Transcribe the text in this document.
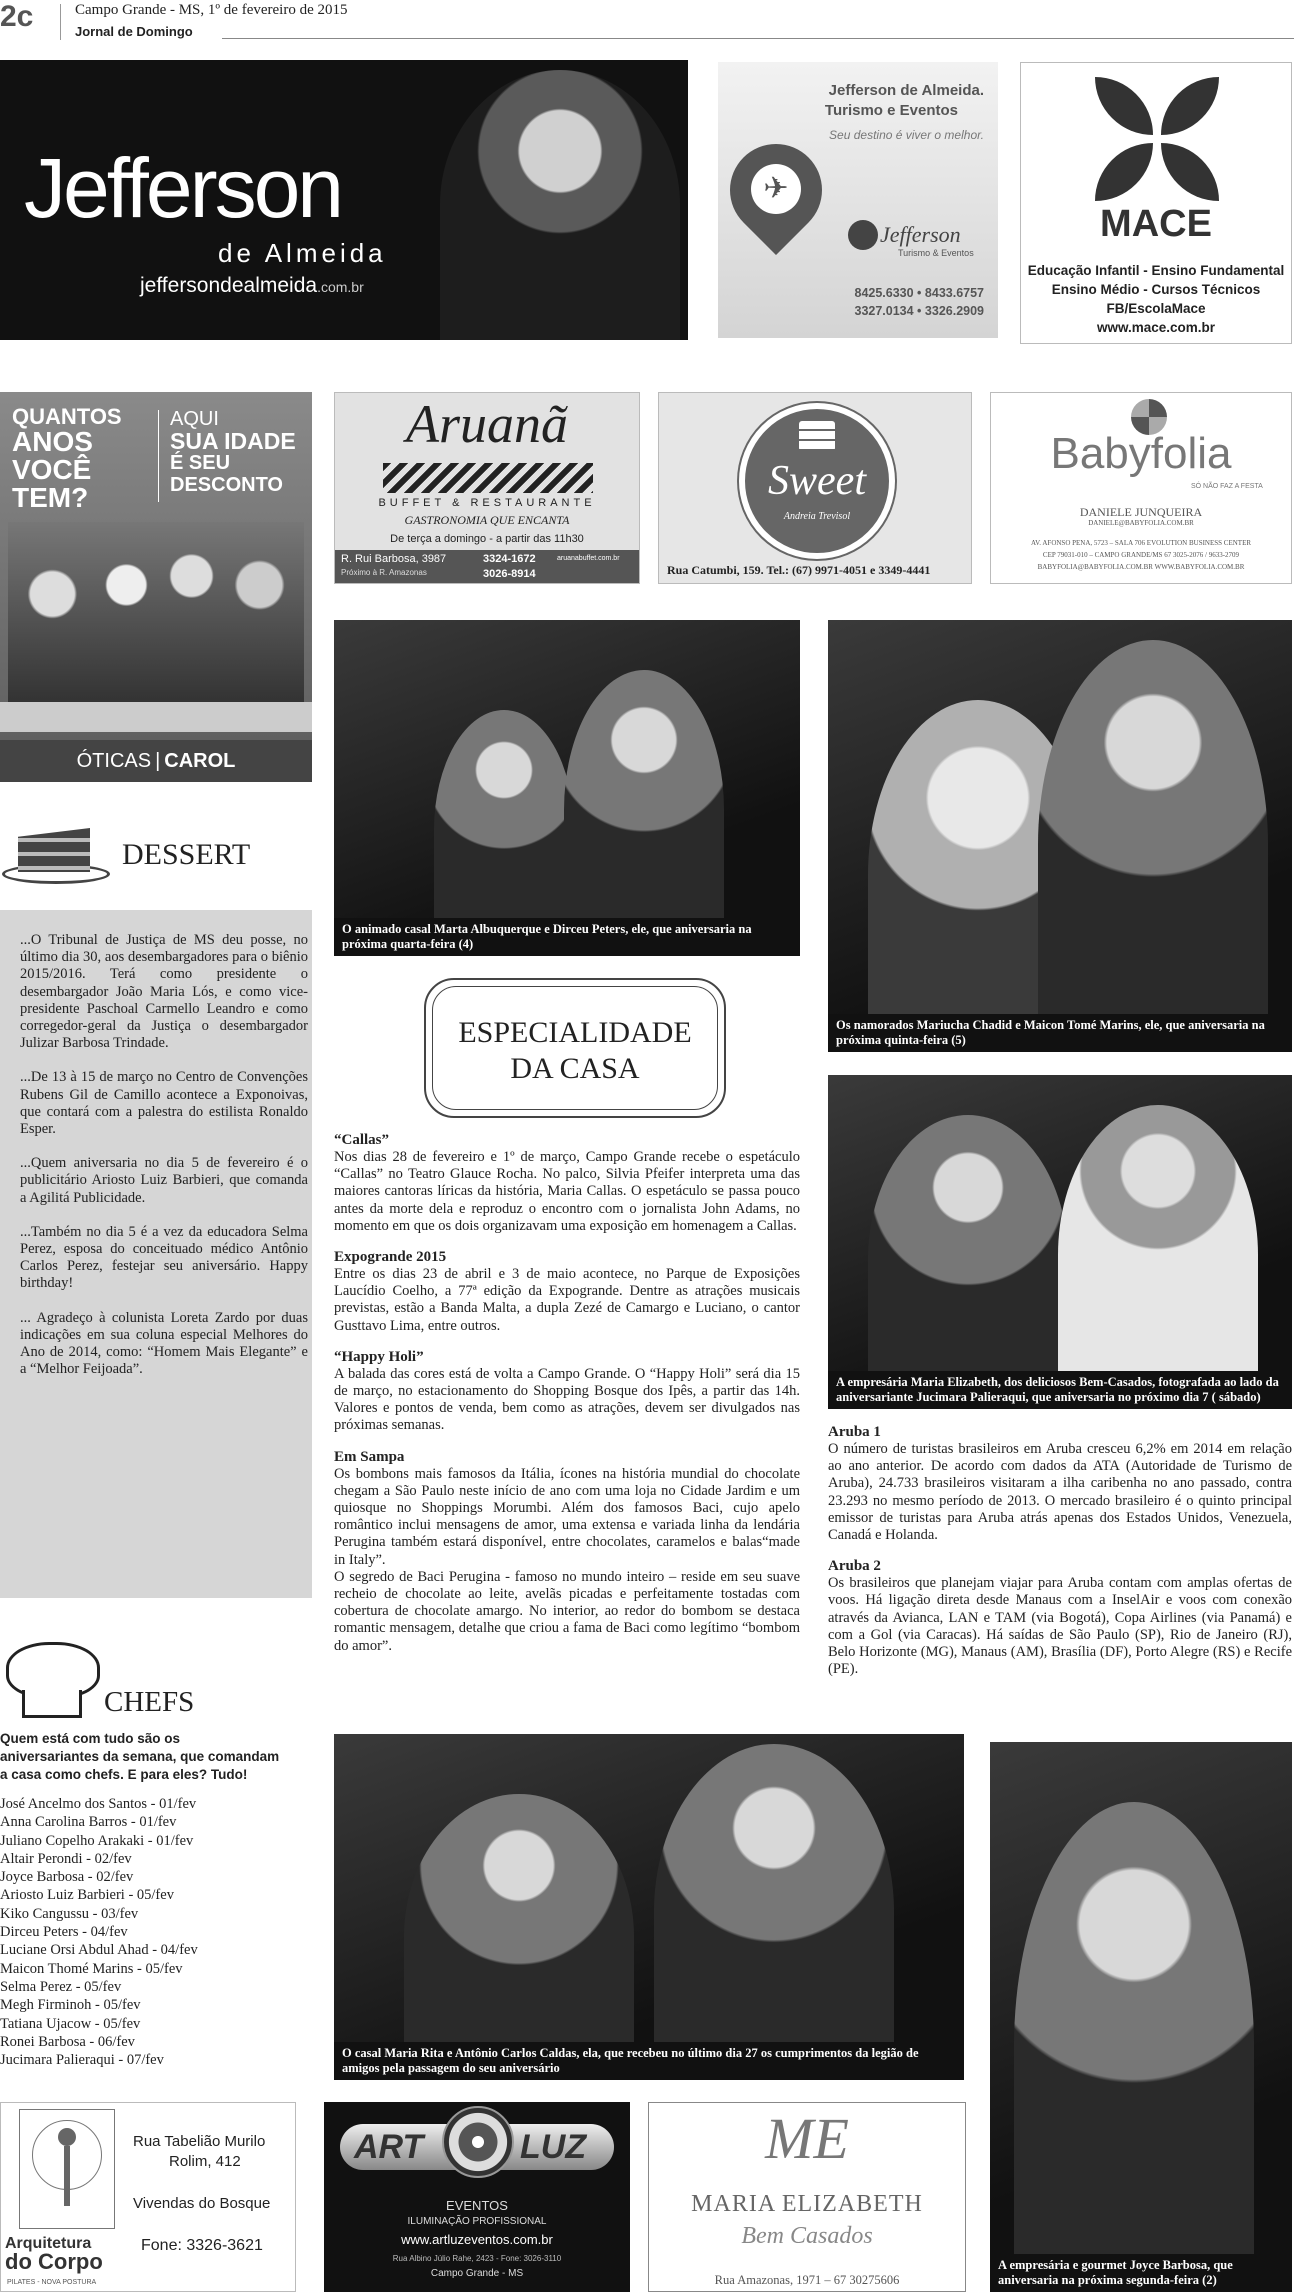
2c	Campo Grande - MS, 1º de fevereiro de 2015
Jornal de Domingo
Jefferson
de Almeida
jeffersondealmeida.com.br
Jefferson de Almeida.
Turismo e Eventos
Seu destino é viver o melhor.
✈
Jefferson
Turismo & Eventos
8425.6330 • 8433.6757
3327.0134 • 3326.2909
MACE
Educação Infantil - Ensino Fundamental
Ensino Médio - Cursos Técnicos
FB/EscolaMace
www.mace.com.br
QUANTOS
ANOS
VOCÊ
TEM?
AQUI
SUA IDADE
É SEU
DESCONTO
ÓTICAS | CAROL
Aruanã
BUFFET & RESTAURANTE
GASTRONOMIA QUE ENCANTA
De terça a domingo - a partir das 11h30
R. Rui Barbosa, 3987
Próximo à R. Amazonas
3324-1672
3026-8914
aruanabuffet.com.br
Sweet
Andreia Trevisol
Rua Catumbi, 159. Tel.: (67) 9971-4051 e 3349-4441
Babyfolia
SÓ NÃO FAZ A FESTA
DANIELE JUNQUEIRA
DANIELE@BABYFOLIA.COM.BR
AV. AFONSO PENA, 5723 – SALA 706 EVOLUTION BUSINESS CENTER
CEP 79031-010 – CAMPO GRANDE/MS 67 3025-2076 / 9633-2709
BABYFOLIA@BABYFOLIA.COM.BR WWW.BABYFOLIA.COM.BR
DESSERT

...O Tribunal de Justiça de MS deu posse, no último dia 30, aos desembargadores para o biênio 2015/2016. Terá como presidente o desembargador João Maria Lós, e como vice-presidente Paschoal Carmello Leandro e como corregedor-geral da Justiça o desembargador Julizar Barbosa Trindade.

...De 13 à 15 de março no Centro de Convenções Rubens Gil de Camillo acontece a Exponoivas, que contará com a palestra do estilista Ronaldo Esper.

...Quem aniversaria no dia 5 de fevereiro é o publicitário Ariosto Luiz Barbieri, que comanda a Agilitá Publicidade.

...Também no dia 5 é a vez da educadora Selma Perez, esposa do conceituado médico Antônio Carlos Perez, festejar seu aniversário. Happy birthday!

... Agradeço à colunista Loreta Zardo por duas indicações em sua coluna especial Melhores do Ano de 2014, como: “Homem Mais Elegante” e a “Melhor Feijoada”.

CHEFS
Quem está com tudo são os aniversariantes da semana, que comandam a casa como chefs. E para eles? Tudo!
José Ancelmo dos Santos - 01/fev
Anna Carolina Barros - 01/fev
Juliano Copelho Arakaki - 01/fev
Altair Perondi - 02/fev
Joyce Barbosa - 02/fev
Ariosto Luiz Barbieri - 05/fev
Kiko Cangussu - 03/fev
Dirceu Peters - 04/fev
Luciane Orsi Abdul Ahad - 04/fev
Maicon Thomé Marins - 05/fev
Selma Perez - 05/fev
Megh Firminoh - 05/fev
Tatiana Ujacow - 05/fev
Ronei Barbosa - 06/fev
Jucimara Palieraqui - 07/fev
O animado casal Marta Albuquerque e Dirceu Peters, ele, que aniversaria na próxima quarta-feira (4)
Os namorados Mariucha Chadid e Maicon Tomé Marins, ele, que aniversaria na próxima quinta-feira (5)
A empresária Maria Elizabeth, dos deliciosos Bem-Casados, fotografada ao lado da aniversariante Jucimara Palieraqui, que aniversaria no próximo dia 7 ( sábado)
O casal Maria Rita e Antônio Carlos Caldas, ela, que recebeu no último dia 27 os cumprimentos da legião de amigos pela passagem do seu aniversário
A empresária e gourmet Joyce Barbosa, que aniversaria na próxima segunda-feira (2)
ESPECIALIDADE
DA CASA
“Callas”

Nos dias 28 de fevereiro e 1º de março, Campo Grande recebe o espetáculo “Callas” no Teatro Glauce Rocha. No palco, Silvia Pfeifer interpreta uma das maiores cantoras líricas da história, Maria Callas. O espetáculo se passa pouco antes da morte dela e reproduz o encontro com o jornalista John Adams, no momento em que os dois organizavam uma exposição em homenagem a Callas.

Expogrande 2015

Entre os dias 23 de abril e 3 de maio acontece, no Parque de Exposições Laucídio Coelho, a 77ª edição da Expogrande. Dentre as atrações musicais previstas, estão a Banda Malta, a dupla Zezé de Camargo e Luciano, o cantor Gusttavo Lima, entre outros.

“Happy Holi”

A balada das cores está de volta a Campo Grande. O “Happy Holi” será dia 15 de março, no estacionamento do Shopping Bosque dos Ipês, a partir das 14h. Valores e pontos de venda, bem como as atrações, devem ser divulgados nas próximas semanas.

Em Sampa

Os bombons mais famosos da Itália, ícones na história mundial do chocolate chegam a São Paulo neste início de ano com uma loja no Cidade Jardim e um quiosque no Shoppings Morumbi. Além dos famosos Baci, cujo apelo romântico inclui mensagens de amor, uma extensa e variada linha da lendária Perugina também estará disponível, entre chocolates, caramelos e balas“made in Italy”.

O segredo de Baci Perugina - famoso no mundo inteiro – reside em seu suave recheio de chocolate ao leite, avelãs picadas e perfeitamente tostadas com cobertura de chocolate amargo. No interior, ao redor do bombom se destaca romantic mensagem, detalhe que criou a fama de Baci como legítimo “bombom do amor”.

Aruba 1

O número de turistas brasileiros em Aruba cresceu 6,2% em 2014 em relação ao ano anterior. De acordo com dados da ATA (Autoridade de Turismo de Aruba), 24.733 brasileiros visitaram a ilha caribenha no ano passado, contra 23.293 no mesmo período de 2013. O mercado brasileiro é o quinto principal emissor de turistas para Aruba atrás apenas dos Estados Unidos, Venezuela, Canadá e Holanda.

Aruba 2

Os brasileiros que planejam viajar para Aruba contam com amplas ofertas de voos. Há ligação direta desde Manaus com a InselAir e voos com conexão através da Avianca, LAN e TAM (via Bogotá), Copa Airlines (via Panamá) e com a Gol (via Caracas). Há saídas de São Paulo (SP), Rio de Janeiro (RJ), Belo Horizonte (MG), Manaus (AM), Brasília (DF), Porto Alegre (RS) e Recife (PE).

Arquitetura
do Corpo
PILATES - NOVA POSTURA
Rua Tabelião Murilo
Rolim, 412
Vivendas do Bosque
Fone: 3326-3621
ART	LUZ
EVENTOS
ILUMINAÇÃO PROFISSIONAL
www.artluzeventos.com.br
Rua Albino Júlio Rahe, 2423 - Fone: 3026-3110
Campo Grande - MS
ME
MARIA ELIZABETH
Bem Casados
Rua Amazonas, 1971 – 67 30275606
